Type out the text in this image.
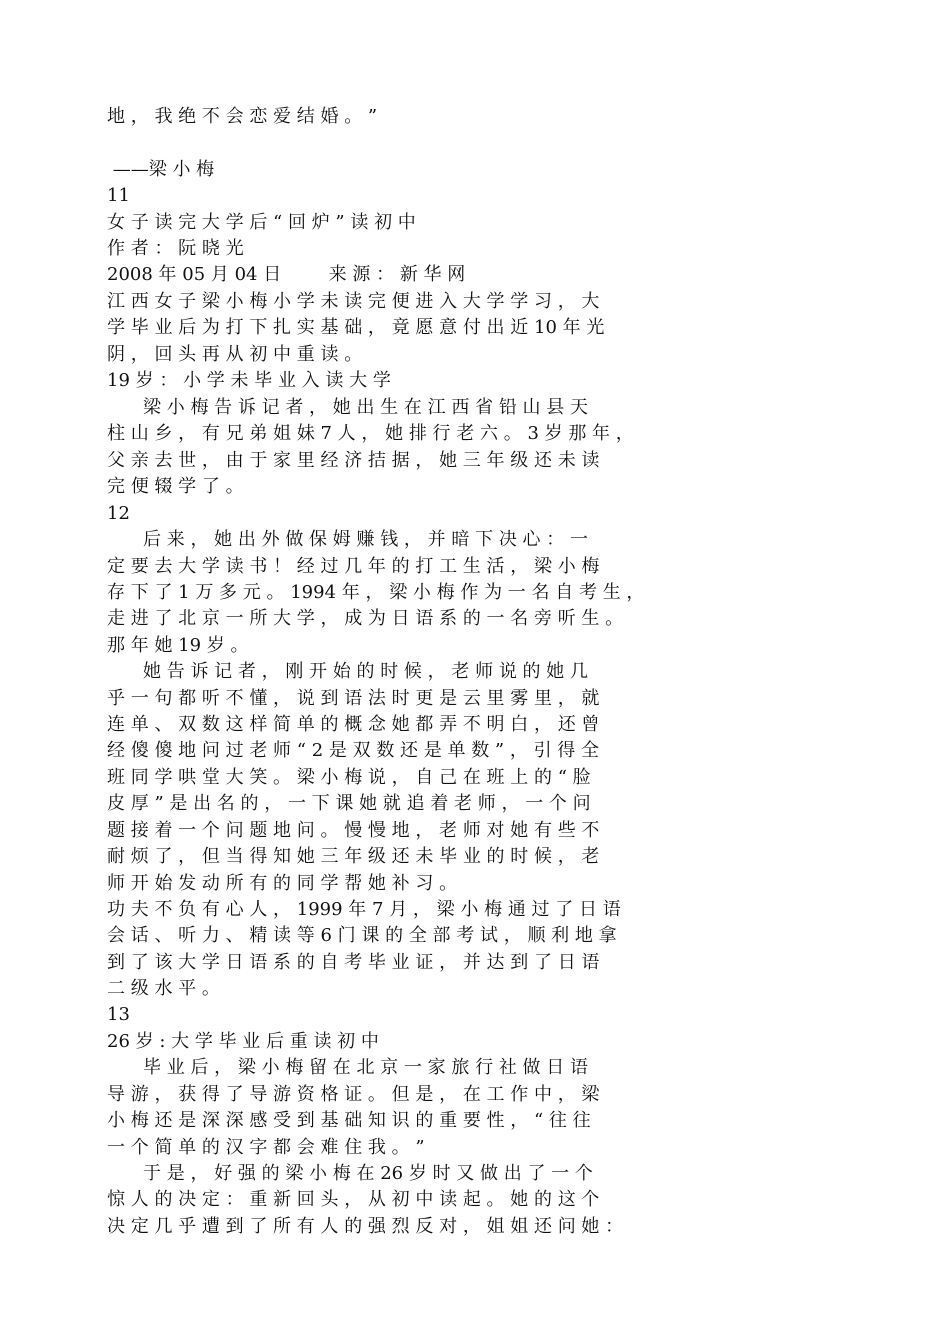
地 ， 我 绝 不 会 恋 爱 结 婚 。 ”
——梁 小 梅
11
女 子 读 完 大 学 后 “ 回 炉 ” 读 初 中
作 者 ： 阮 晓 光
2008 年 05 月 04 日 　　 来 源 ： 新 华 网
江 西 女 子 梁 小 梅 小 学 未 读 完 便 进 入 大 学 学 习 ， 大
学 毕 业 后 为 打 下 扎 实 基 础 ， 竟 愿 意 付 出 近 10 年 光
阴 ， 回 头 再 从 初 中 重 读 。
19 岁 ： 小 学 未 毕 业 入 读 大 学
　　梁 小 梅 告 诉 记 者 ， 她 出 生 在 江 西 省 铅 山 县 天
柱 山 乡 ， 有 兄 弟 姐 妹 7 人 ， 她 排 行 老 六 。 3 岁 那 年 ，
父 亲 去 世 ， 由 于 家 里 经 济 拮 据 ， 她 三 年 级 还 未 读
完 便 辍 学 了 。
12
　　后 来 ， 她 出 外 做 保 姆 赚 钱 ， 并 暗 下 决 心 ： 一
定 要 去 大 学 读 书 ！ 经 过 几 年 的 打 工 生 活 ， 梁 小 梅
存 下 了 1 万 多 元 。 1994 年 ， 梁 小 梅 作 为 一 名 自 考 生 ，
走 进 了 北 京 一 所 大 学 ， 成 为 日 语 系 的 一 名 旁 听 生 。
那 年 她 19 岁 。
　　她 告 诉 记 者 ， 刚 开 始 的 时 候 ， 老 师 说 的 她 几
乎 一 句 都 听 不 懂 ， 说 到 语 法 时 更 是 云 里 雾 里 ， 就
连 单 、 双 数 这 样 简 单 的 概 念 她 都 弄 不 明 白 ， 还 曾
经 傻 傻 地 问 过 老 师 “ 2 是 双 数 还 是 单 数 ” ， 引 得 全
班 同 学 哄 堂 大 笑 。 梁 小 梅 说 ， 自 己 在 班 上 的 “ 脸
皮 厚 ” 是 出 名 的 ， 一 下 课 她 就 追 着 老 师 ， 一 个 问
题 接 着 一 个 问 题 地 问 。 慢 慢 地 ， 老 师 对 她 有 些 不
耐 烦 了 ， 但 当 得 知 她 三 年 级 还 未 毕 业 的 时 候 ， 老
师 开 始 发 动 所 有 的 同 学 帮 她 补 习 。
功 夫 不 负 有 心 人 ， 1999 年 7 月 ， 梁 小 梅 通 过 了 日 语
会 话 、 听 力 、 精 读 等 6 门 课 的 全 部 考 试 ， 顺 利 地 拿
到 了 该 大 学 日 语 系 的 自 考 毕 业 证 ， 并 达 到 了 日 语
二 级 水 平 。
13
26 岁 : 大 学 毕 业 后 重 读 初 中
　　毕 业 后 ， 梁 小 梅 留 在 北 京 一 家 旅 行 社 做 日 语
导 游 ， 获 得 了 导 游 资 格 证 。 但 是 ， 在 工 作 中 ， 梁
小 梅 还 是 深 深 感 受 到 基 础 知 识 的 重 要 性 ， “ 往 往
一 个 简 单 的 汉 字 都 会 难 住 我 。 ”
　　于 是 ， 好 强 的 梁 小 梅 在 26 岁 时 又 做 出 了 一 个
惊 人 的 决 定 ： 重 新 回 头 ， 从 初 中 读 起 。 她 的 这 个
决 定 几 乎 遭 到 了 所 有 人 的 强 烈 反 对 ， 姐 姐 还 问 她 ：
